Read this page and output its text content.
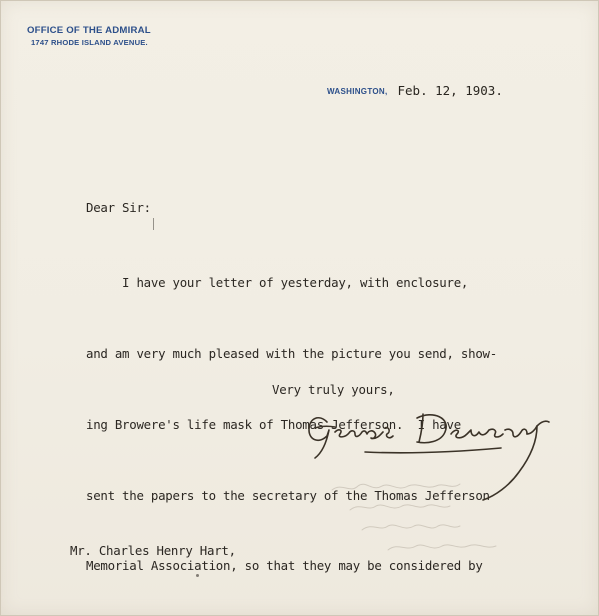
OFFICE OF THE ADMIRAL
1747 RHODE ISLAND AVENUE.
WASHINGTON, Feb. 12, 1903.
Dear Sir:

I have your letter of yesterday, with enclosure,

and am very much pleased with the picture you send, show-

ing Browere's life mask of Thomas Jefferson.  I have

sent the papers to the secretary of the Thomas Jefferson

Memorial Association, so that they may be considered by

Very truly yours,

Mr. Charles Henry Hart,
